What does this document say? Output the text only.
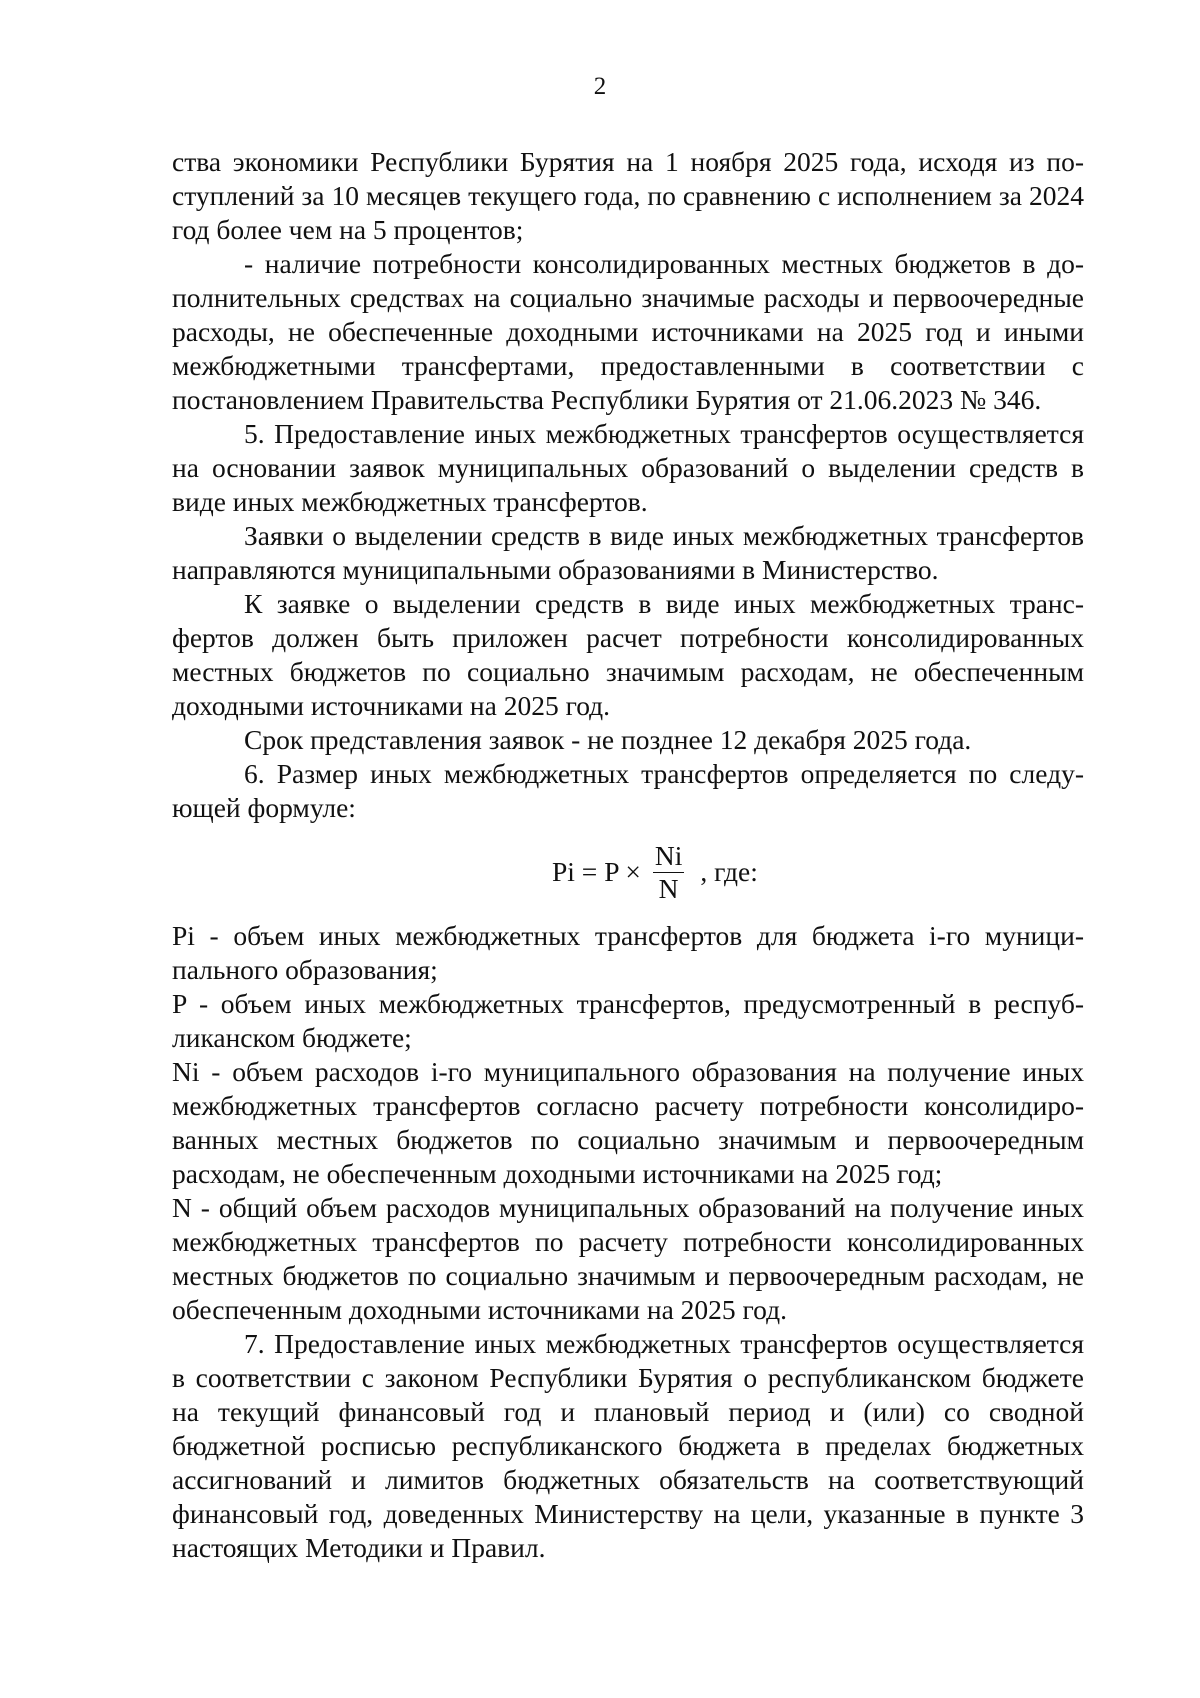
2

ства экономики Республики Бурятия на 1 ноября 2025 года, исходя из поступлений за 10 месяцев текущего года, по сравнению с исполнением за 2024 год более чем на 5 процентов;

- наличие потребности консолидированных местных бюджетов в дополнительных средствах на социально значимые расходы и первоочередные расходы, не обеспеченные доходными источниками на 2025 год и иными межбюджетными трансфертами, предоставленными в соответствии с постановлением Правительства Республики Бурятия от 21.06.2023 № 346.

5. Предоставление иных межбюджетных трансфертов осуществляется на основании заявок муниципальных образований о выделении средств в виде иных межбюджетных трансфертов.

Заявки о выделении средств в виде иных межбюджетных трансфертов направляются муниципальными образованиями в Министерство.

К заявке о выделении средств в виде иных межбюджетных трансфертов должен быть приложен расчет потребности консолидированных местных бюджетов по социально значимым расходам, не обеспеченным доходными источниками на 2025 год.

Срок представления заявок - не позднее 12 декабря 2025 года.

6. Размер иных межбюджетных трансфертов определяется по следующей формуле:

$Pi = P \times \frac{Ni}{N}$ , где:

Pi - объем иных межбюджетных трансфертов для бюджета i-го муниципального образования;

P - объем иных межбюджетных трансфертов, предусмотренный в республиканском бюджете;

Ni - объем расходов i-го муниципального образования на получение иных межбюджетных трансфертов согласно расчету потребности консолидированных местных бюджетов по социально значимым и первоочередным расходам, не обеспеченным доходными источниками на 2025 год;

N - общий объем расходов муниципальных образований на получение иных межбюджетных трансфертов по расчету потребности консолидированных местных бюджетов по социально значимым и первоочередным расходам, не обеспеченным доходными источниками на 2025 год.

7. Предоставление иных межбюджетных трансфертов осуществляется в соответствии с законом Республики Бурятия о республиканском бюджете на текущий финансовый год и плановый период и (или) со сводной бюджетной росписью республиканского бюджета в пределах бюджетных ассигнований и лимитов бюджетных обязательств на соответствующий финансовый год, доведенных Министерству на цели, указанные в пункте 3 настоящих Методики и Правил.
